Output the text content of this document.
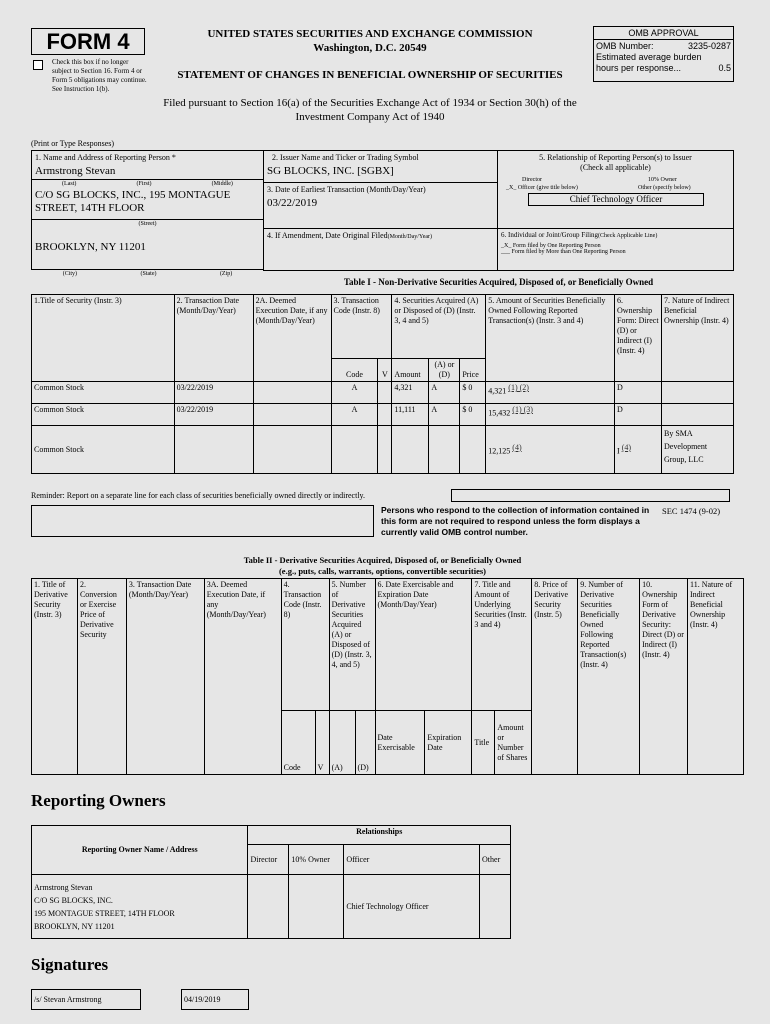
FORM 4
Check this box if no longer subject to Section 16. Form 4 or Form 5 obligations may continue. See Instruction 1(b).
UNITED STATES SECURITIES AND EXCHANGE COMMISSION
Washington, D.C. 20549
STATEMENT OF CHANGES IN BENEFICIAL OWNERSHIP OF SECURITIES
Filed pursuant to Section 16(a) of the Securities Exchange Act of 1934 or Section 30(h) of the Investment Company Act of 1940
OMB APPROVAL
OMB Number:	3235-0287
Estimated average burden
hours per response...	0.5
(Print or Type Responses)
1. Name and Address of Reporting Person *
Armstrong Stevan
(Last)	(First)	(Middle)
C/O SG BLOCKS, INC., 195 MONTAGUE STREET, 14TH FLOOR
(Street)
BROOKLYN, NY 11201
(City)	(State)	(Zip)
2. Issuer Name and Ticker or Trading Symbol
SG BLOCKS, INC. [SGBX]
3. Date of Earliest Transaction (Month/Day/Year)
03/22/2019
4. If Amendment, Date Original Filed(Month/Day/Year)
5. Relationship of Reporting Person(s) to Issuer
(Check all applicable)
Director	10% Owner
_X_ Officer (give title below)	Other (specify below)
Chief Technology Officer
6. Individual or Joint/Group Filing(Check Applicable Line)
_X_ Form filed by One Reporting Person
___ Form filed by More than One Reporting Person
Table I - Non-Derivative Securities Acquired, Disposed of, or Beneficially Owned
1.Title of Security (Instr. 3)	2. Transaction Date (Month/Day/Year)	2A. Deemed Execution Date, if any (Month/Day/Year)	3. Transaction Code (Instr. 8)		4. Securities Acquired (A) or Disposed of (D) (Instr. 3, 4 and 5)			5. Amount of Securities Beneficially Owned Following Reported Transaction(s) (Instr. 3 and 4)	6. Ownership Form: Direct (D) or Indirect (I) (Instr. 4)	7. Nature of Indirect Beneficial Ownership (Instr. 4)
			Code	V	Amount	(A) or (D)	Price			
Common Stock	03/22/2019		A		4,321	A	$ 0	4,321 (1) (2)	D	
Common Stock	03/22/2019		A		11,111	A	$ 0	15,432 (1) (3)	D	
Common Stock								12,125 (4)	I (4)	By SMA Development Group, LLC
Reminder: Report on a separate line for each class of securities beneficially owned directly or indirectly.
Persons who respond to the collection of information contained in this form are not required to respond unless the form displays a currently valid OMB control number.
SEC 1474 (9-02)
Table II - Derivative Securities Acquired, Disposed of, or Beneficially Owned
(e.g., puts, calls, warrants, options, convertible securities)
1. Title of Derivative Security (Instr. 3)	2. Conversion or Exercise Price of Derivative Security	3. Transaction Date (Month/Day/Year)	3A. Deemed Execution Date, if any (Month/Day/Year)	4. Transaction Code (Instr. 8)		5. Number of Derivative Securities Acquired (A) or Disposed of (D) (Instr. 3, 4, and 5)		6. Date Exercisable and Expiration Date (Month/Day/Year)		7. Title and Amount of Underlying Securities (Instr. 3 and 4)		8. Price of Derivative Security (Instr. 5)	9. Number of Derivative Securities Beneficially Owned Following Reported Transaction(s) (Instr. 4)	10. Ownership Form of Derivative Security: Direct (D) or Indirect (I) (Instr. 4)	11. Nature of Indirect Beneficial Ownership (Instr. 4)
				Code	V	(A)	(D)	Date Exercisable	Expiration Date	Title	Amount or Number of Shares				
Reporting Owners
Reporting Owner Name / Address	Relationships			
	Director	10% Owner	Officer	Other

Armstrong Stevan
C/O SG BLOCKS, INC.
195 MONTAGUE STREET, 14TH FLOOR
BROOKLYN, NY 11201			Chief Technology Officer	
Signatures
/s/ Stevan Armstrong		04/19/2019
